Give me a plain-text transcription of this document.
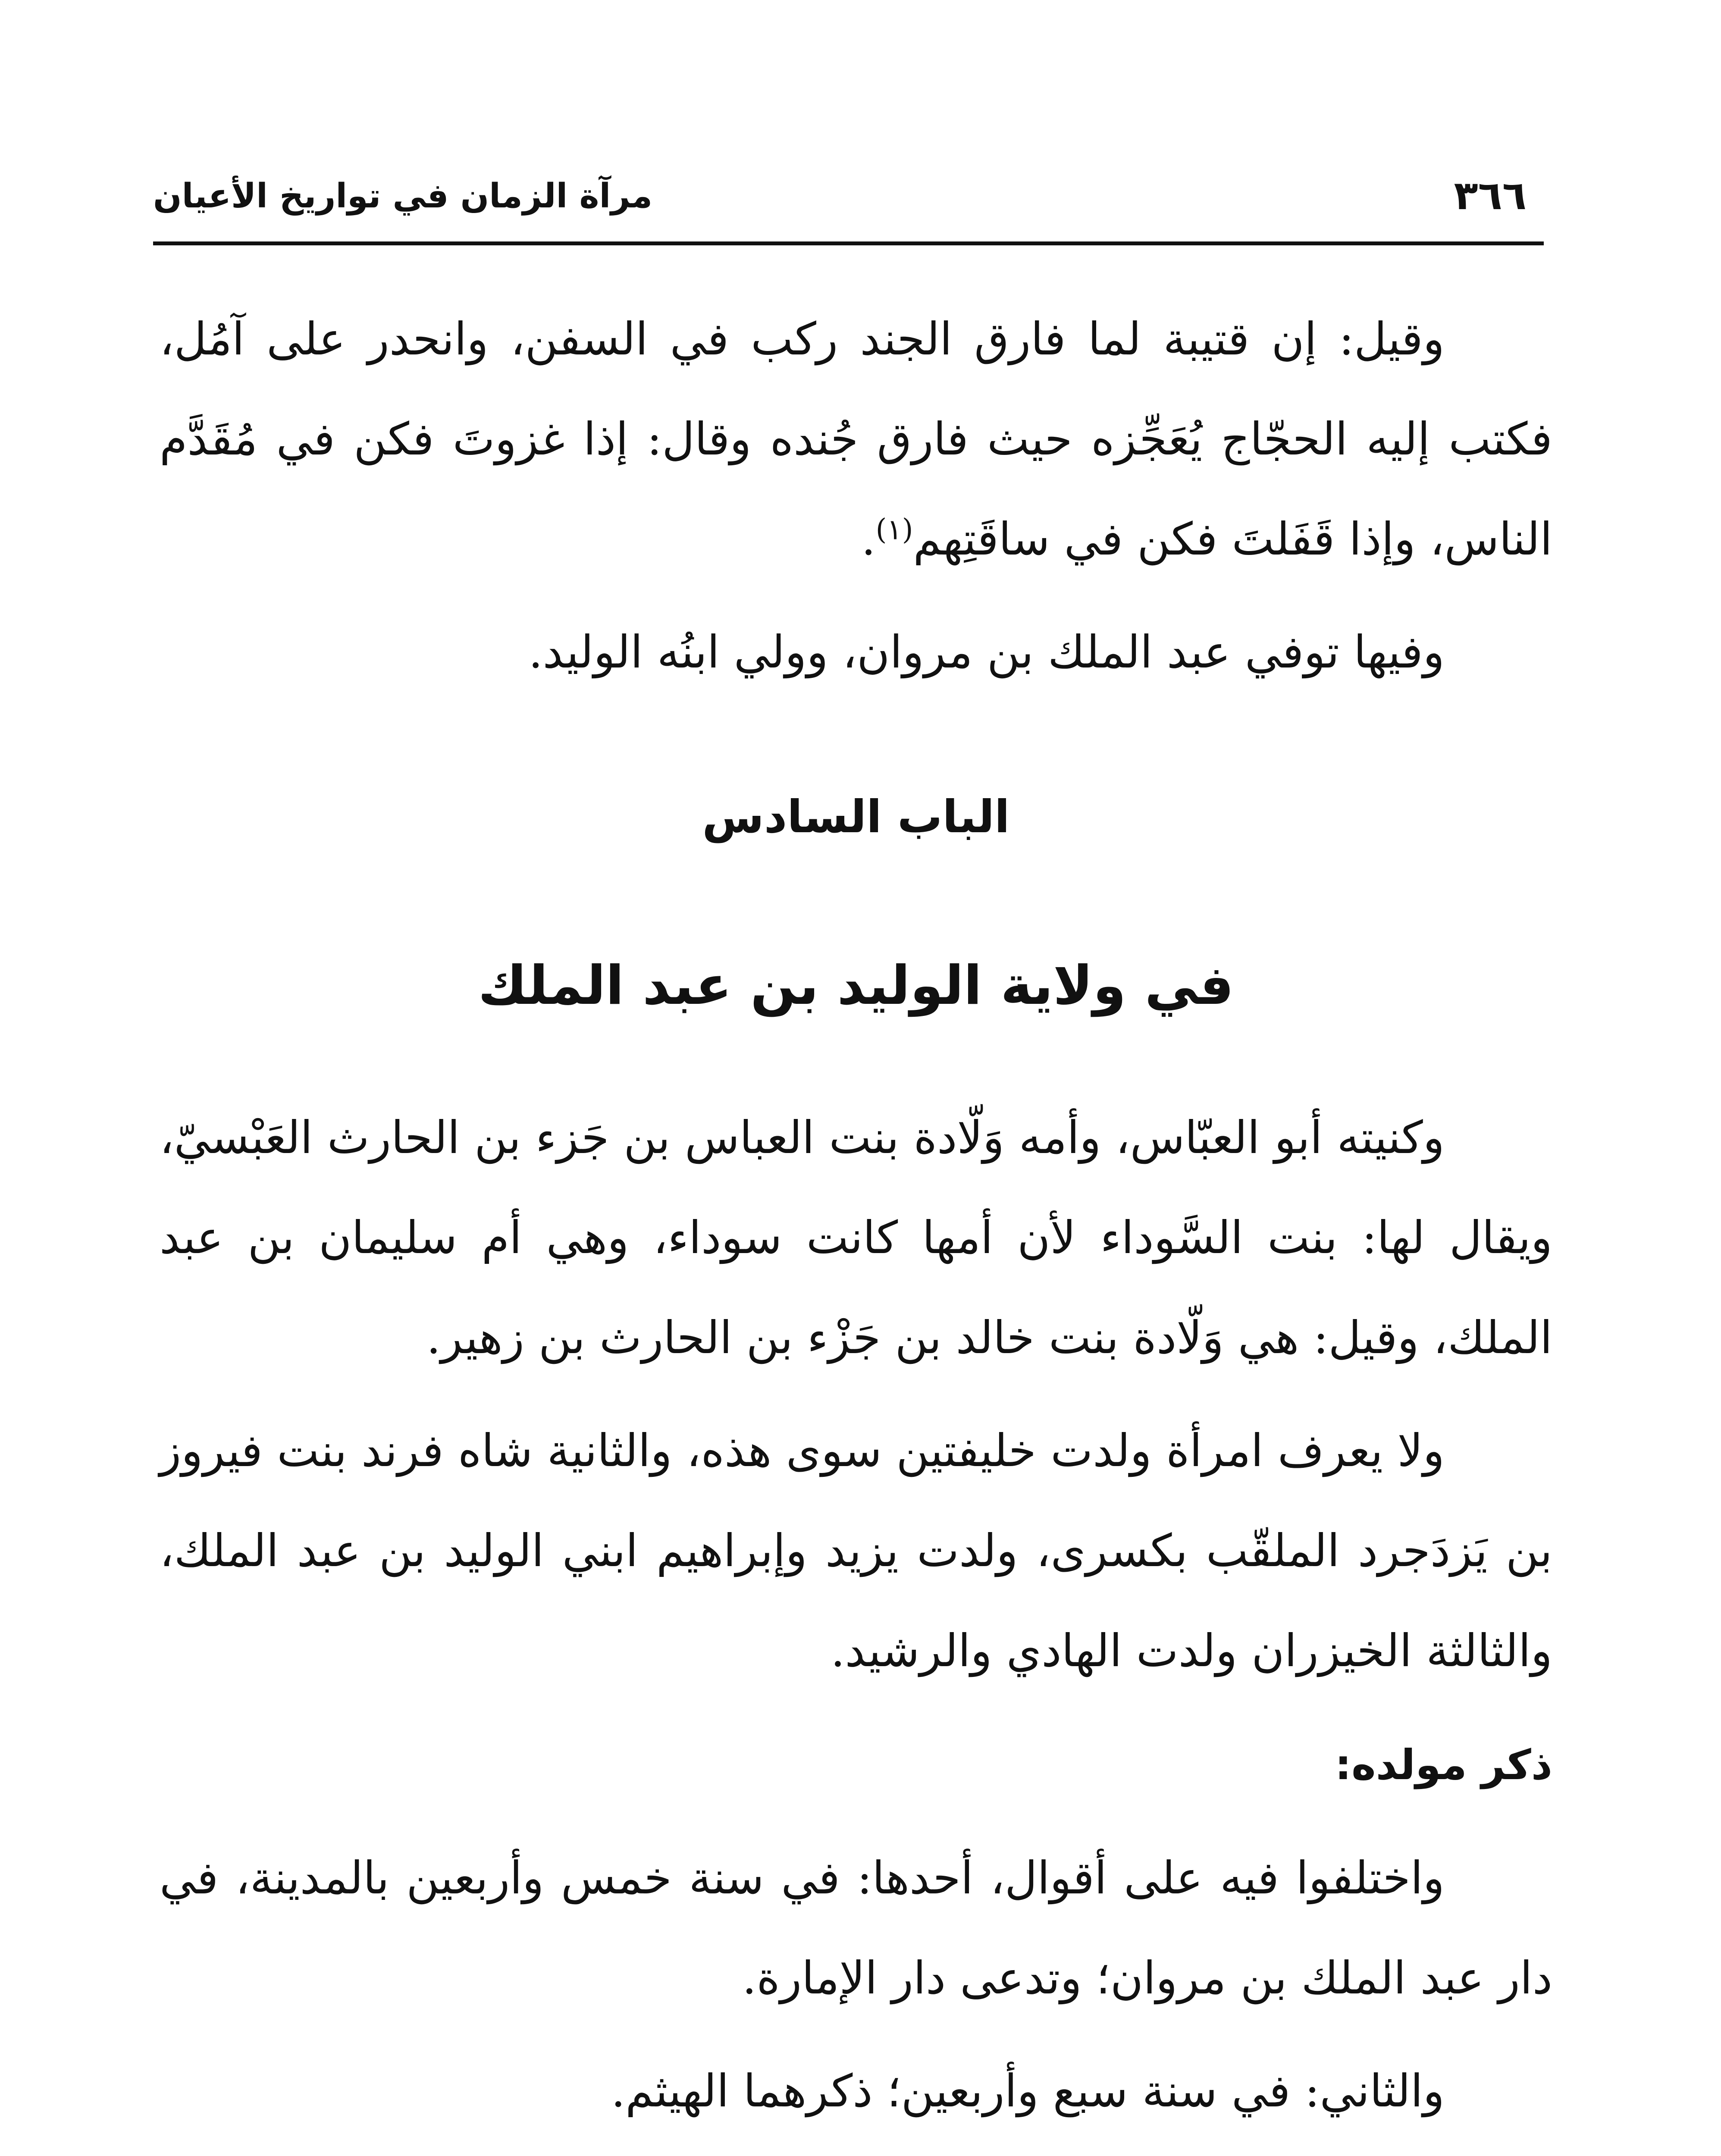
٣٦٦
مرآة الزمان في تواريخ الأعيان

وقيل: إن قتيبة لما فارق الجند ركب في السفن، وانحدر على آمُل، فكتب إليه الحجّاج يُعَجِّزه حيث فارق جُنده وقال: إذا غزوتَ فكن في مُقَدَّم الناس، وإذا قَفَلتَ فكن في ساقَتِهم$^{(١)}$.

وفيها توفي عبد الملك بن مروان، وولي ابنُه الوليد.

الباب السادس

في ولاية الوليد بن عبد الملك

وكنيته أبو العبّاس، وأمه وَلّادة بنت العباس بن جَزء بن الحارث العَبْسيّ، ويقال لها: بنت السَّوداء لأن أمها كانت سوداء، وهي أم سليمان بن عبد الملك، وقيل: هي وَلّادة بنت خالد بن جَزْء بن الحارث بن زهير.

ولا يعرف امرأة ولدت خليفتين سوى هذه، والثانية شاه فرند بنت فيروز بن يَزدَجرد الملقّب بكسرى، ولدت يزيد وإبراهيم ابني الوليد بن عبد الملك، والثالثة الخيزران ولدت الهادي والرشيد.

ذكر مولده:

واختلفوا فيه على أقوال، أحدها: في سنة خمس وأربعين بالمدينة، في دار عبد الملك بن مروان؛ وتدعى دار الإمارة.

والثاني: في سنة سبع وأربعين؛ ذكرهما الهيثم.
